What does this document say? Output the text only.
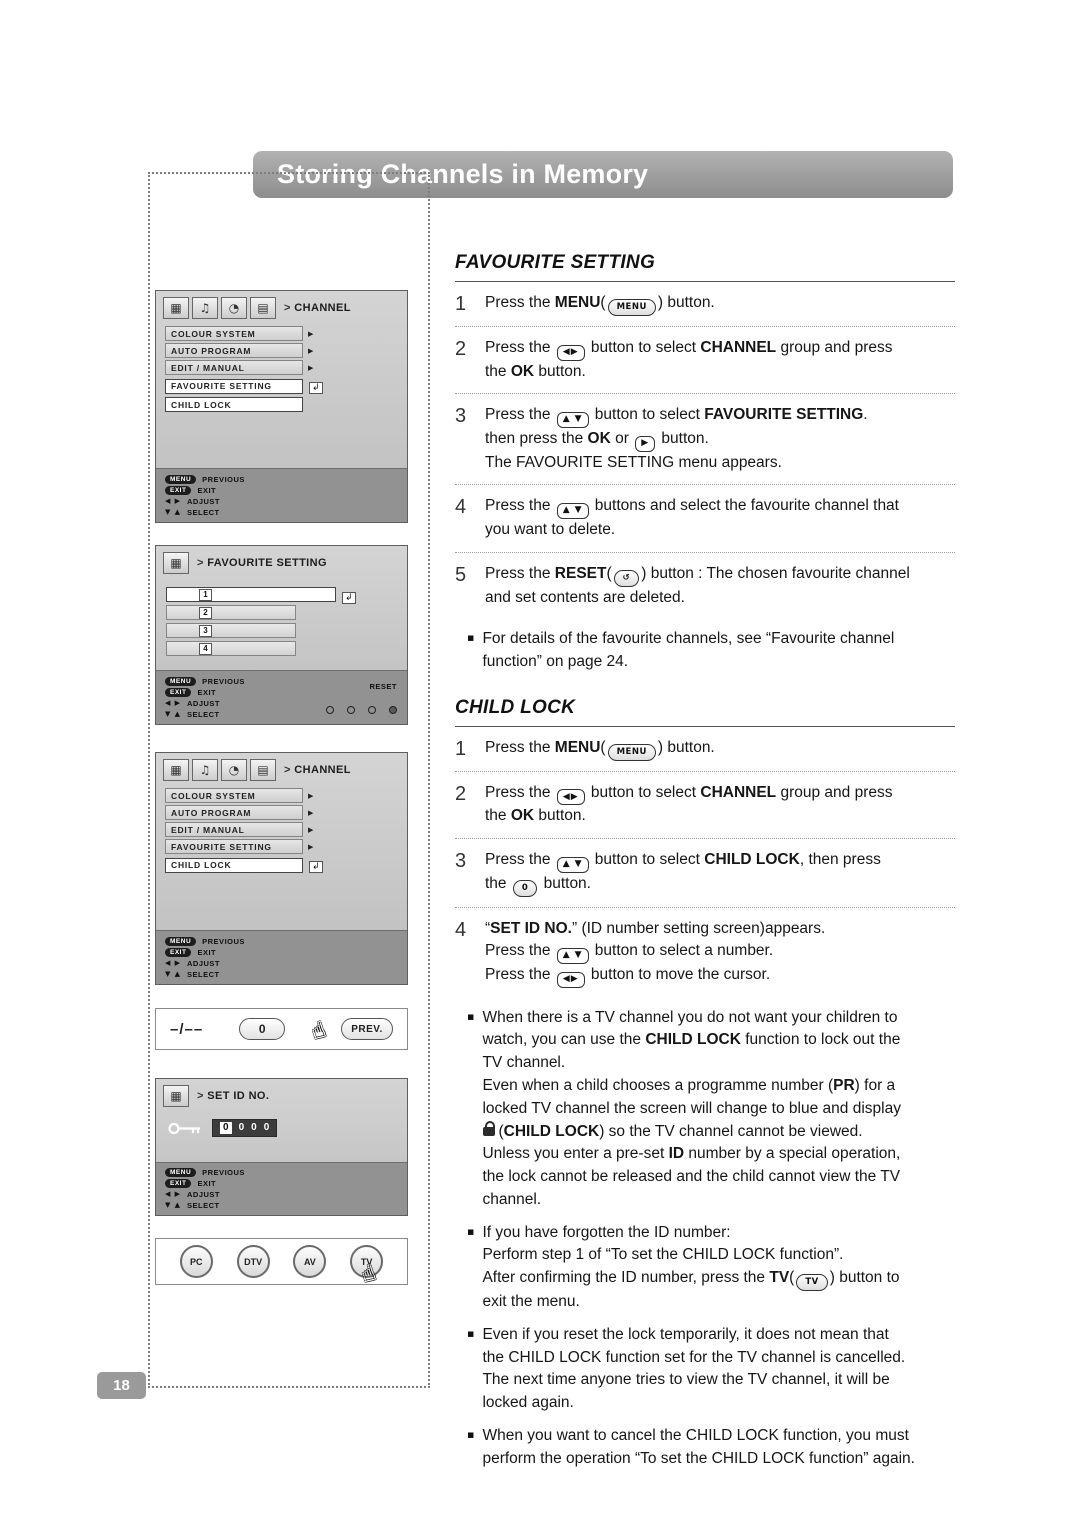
Storing Channels in Memory
18
▦	♫	◔	▤	> CHANNEL
COLOUR SYSTEM
▶
AUTO PROGRAM
▶
EDIT / MANUAL
▶
FAVOURITE SETTING
↲
CHILD LOCK
MENU	PREVIOUS
EXIT	EXIT
◀ ▶ ADJUST
▼ ▲ SELECT
▦	> FAVOURITE SETTING
1
↲
2
3
4
MENU	PREVIOUS
EXIT	EXIT
◀ ▶ ADJUST
▼ ▲ SELECT
RESET
▦	♫	◔	▤	> CHANNEL
COLOUR SYSTEM
▶
AUTO PROGRAM
▶
EDIT / MANUAL
▶
FAVOURITE SETTING
▶
CHILD LOCK
↲
MENU	PREVIOUS
EXIT	EXIT
◀ ▶ ADJUST
▼ ▲ SELECT
–/––	0	PREV.
☝
▦	> SET ID NO.
0	0 0 0
MENU	PREVIOUS
EXIT	EXIT
◀ ▶ ADJUST
▼ ▲ SELECT
PC	DTV	AV	TV
☝
FAVOURITE SETTING
1	Press the MENU( MENU ) button.
2	Press the ◀▶ button to select CHANNEL group and press
the OK button.
3	Press the ▲ ▼ button to select FAVOURITE SETTING.
then press the OK or ▶ button.
The FAVOURITE SETTING menu appears.
4	Press the ▲ ▼ buttons and select the favourite channel that
you want to delete.
5	Press the RESET( ↺ ) button : The chosen favourite channel
and set contents are deleted.
▪ For details of the favourite channels, see “Favourite channel
function” on page 24.
CHILD LOCK
1	Press the MENU( MENU ) button.
2	Press the ◀▶ button to select CHANNEL group and press
the OK button.
3	Press the ▲ ▼ button to select CHILD LOCK, then press
the 0 button.
4	“SET ID NO.” (ID number setting screen)appears.
Press the ▲ ▼ button to select a number.
Press the ◀▶ button to move the cursor.
▪ When there is a TV channel you do not want your children to
watch, you can use the CHILD LOCK function to lock out the
TV channel.
Even when a child chooses a programme number (PR) for a
locked TV channel the screen will change to blue and display
(CHILD LOCK) so the TV channel cannot be viewed.
Unless you enter a pre-set ID number by a special operation,
the lock cannot be released and the child cannot view the TV
channel.
▪ If you have forgotten the ID number:
Perform step 1 of “To set the CHILD LOCK function”.
After confirming the ID number, press the TV( TV ) button to
exit the menu.
▪ Even if you reset the lock temporarily, it does not mean that
the CHILD LOCK function set for the TV channel is cancelled.
The next time anyone tries to view the TV channel, it will be
locked again.
▪ When you want to cancel the CHILD LOCK function, you must
perform the operation “To set the CHILD LOCK function” again.
